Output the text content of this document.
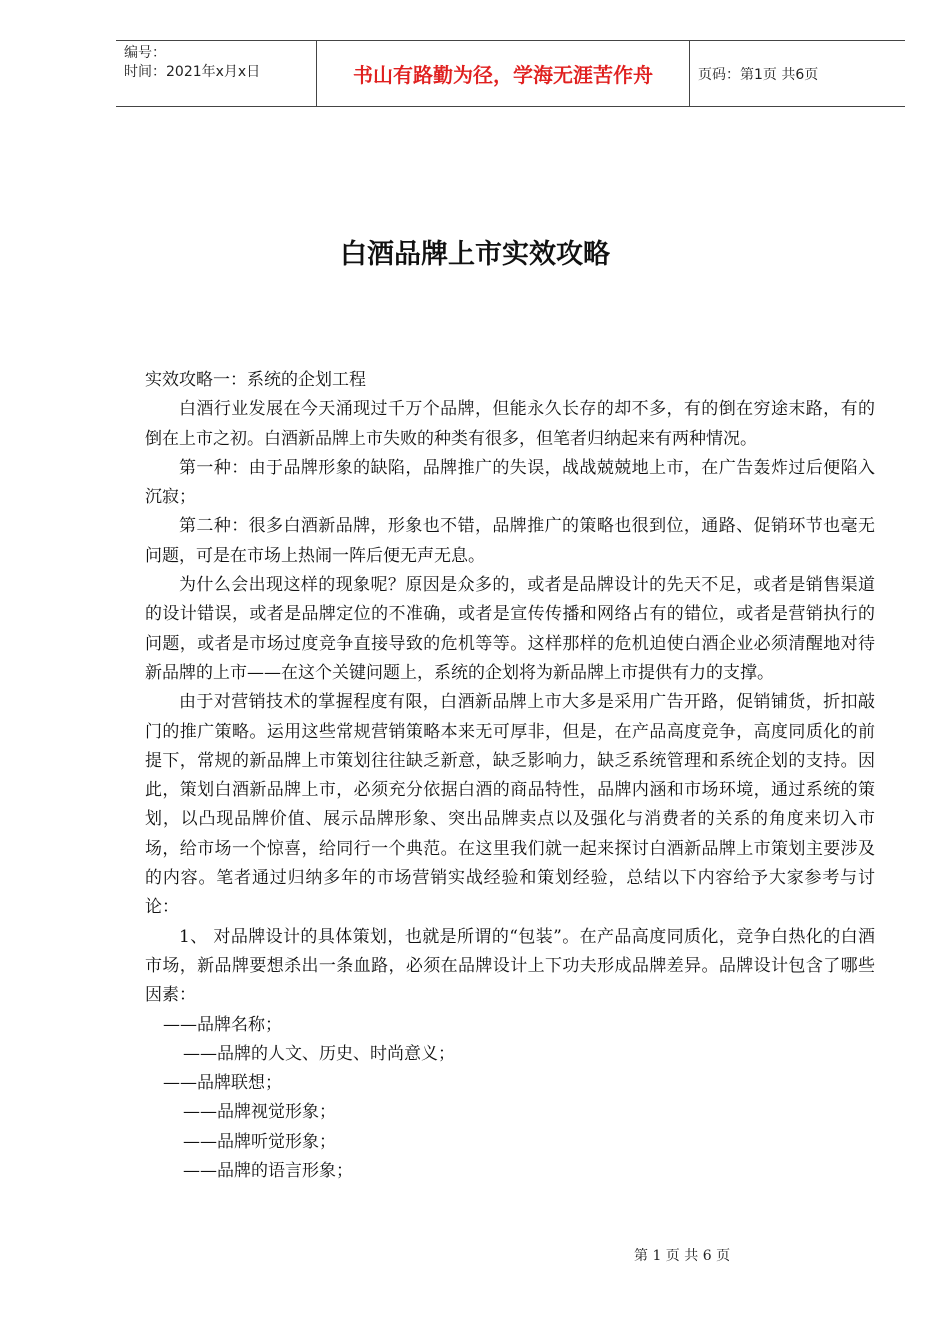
编号：
时间：2021年x月x日	书山有路勤为径，学海无涯苦作舟	页码：第1页 共6页
白酒品牌上市实效攻略

实效攻略一：系统的企划工程

白酒行业发展在今天涌现过千万个品牌，但能永久长存的却不多，有的倒在穷途末路，有的倒在上市之初。白酒新品牌上市失败的种类有很多，但笔者归纳起来有两种情况。

第一种：由于品牌形象的缺陷，品牌推广的失误，战战兢兢地上市，在广告轰炸过后便陷入沉寂；

第二种：很多白酒新品牌，形象也不错，品牌推广的策略也很到位，通路、促销环节也毫无问题，可是在市场上热闹一阵后便无声无息。

为什么会出现这样的现象呢？原因是众多的，或者是品牌设计的先天不足，或者是销售渠道的设计错误，或者是品牌定位的不准确，或者是宣传传播和网络占有的错位，或者是营销执行的问题，或者是市场过度竞争直接导致的危机等等。这样那样的危机迫使白酒企业必须清醒地对待新品牌的上市——在这个关键问题上，系统的企划将为新品牌上市提供有力的支撑。

由于对营销技术的掌握程度有限，白酒新品牌上市大多是采用广告开路，促销铺货，折扣敲门的推广策略。运用这些常规营销策略本来无可厚非，但是，在产品高度竞争，高度同质化的前提下，常规的新品牌上市策划往往缺乏新意，缺乏影响力，缺乏系统管理和系统企划的支持。因此，策划白酒新品牌上市，必须充分依据白酒的商品特性，品牌内涵和市场环境，通过系统的策划，以凸现品牌价值、展示品牌形象、突出品牌卖点以及强化与消费者的关系的角度来切入市场，给市场一个惊喜，给同行一个典范。在这里我们就一起来探讨白酒新品牌上市策划主要涉及的内容。笔者通过归纳多年的市场营销实战经验和策划经验，总结以下内容给予大家参考与讨论：

1、 对品牌设计的具体策划，也就是所谓的“包装”。在产品高度同质化，竞争白热化的白酒市场，新品牌要想杀出一条血路，必须在品牌设计上下功夫形成品牌差异。品牌设计包含了哪些因素：

——品牌名称；

——品牌的人文、历史、时尚意义；

——品牌联想；

——品牌视觉形象；

——品牌听觉形象；

——品牌的语言形象；

第 1 页 共 6 页
